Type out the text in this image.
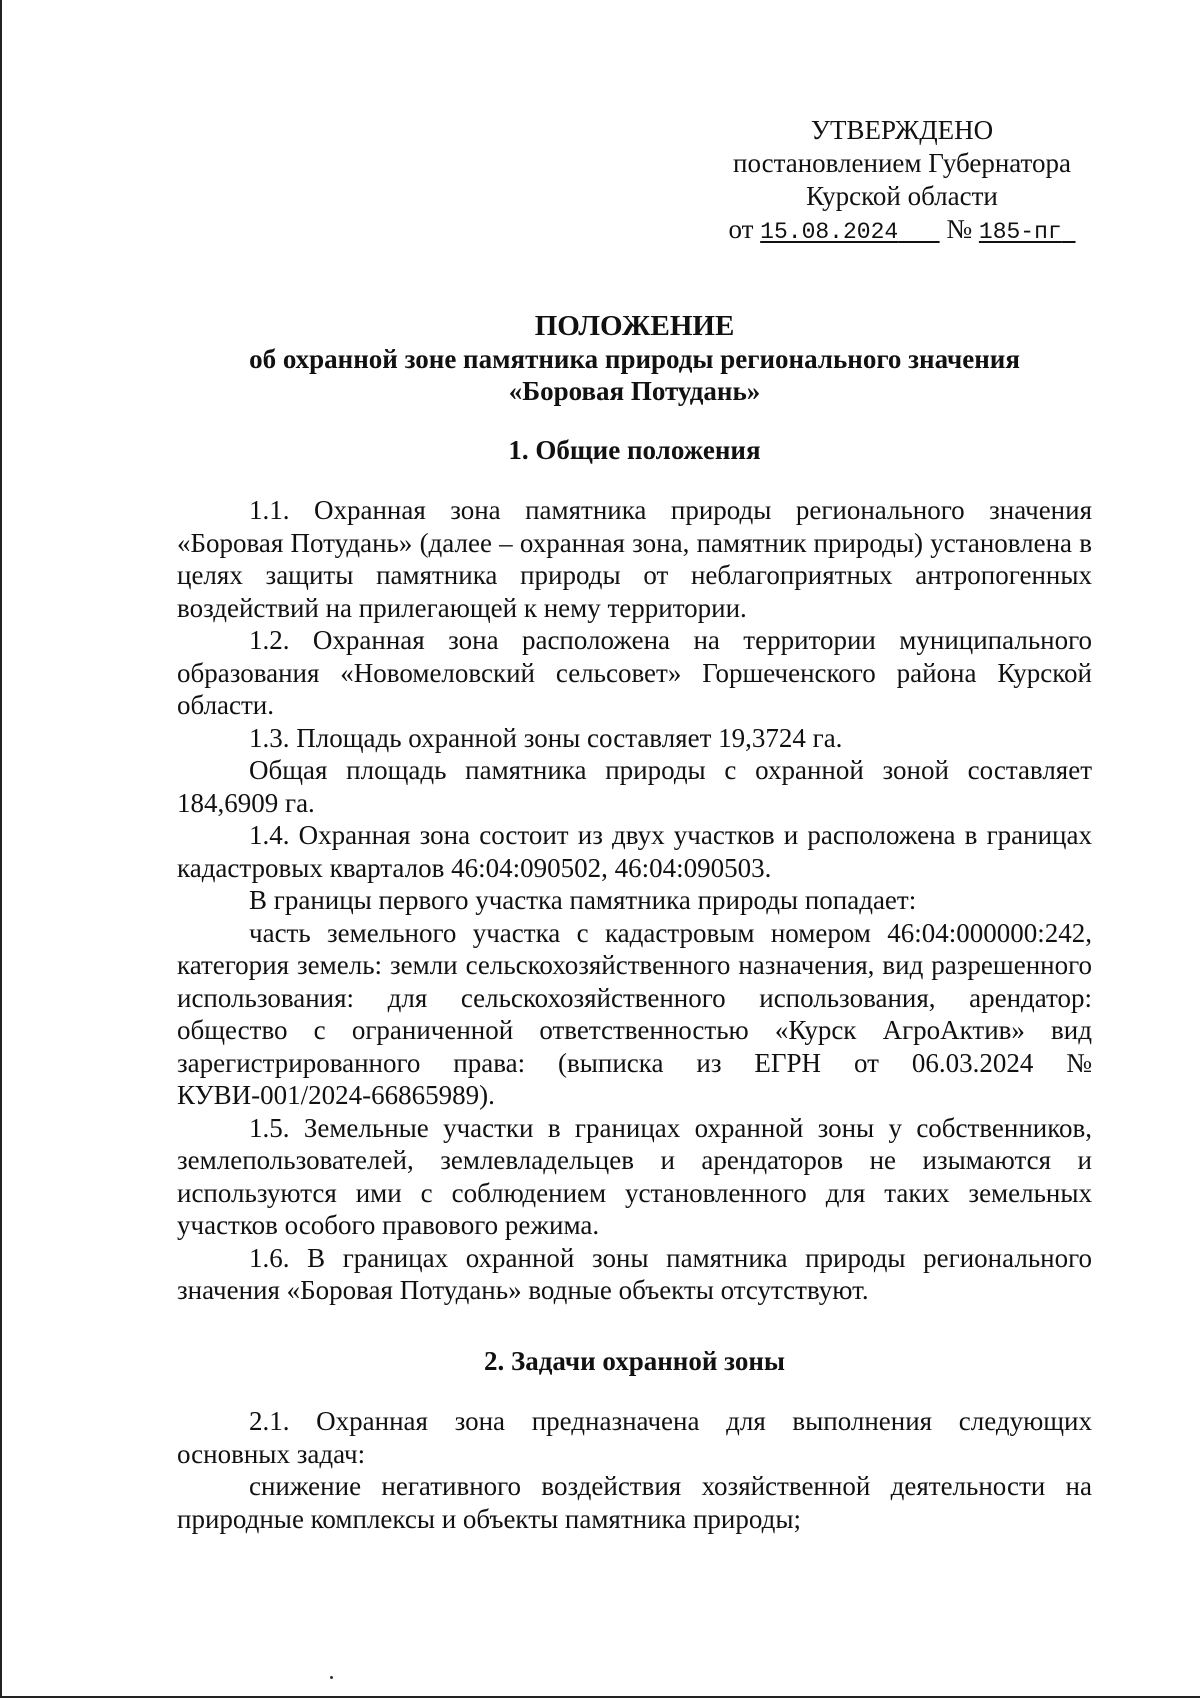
УТВЕРЖДЕНО
постановлением Губернатора
Курской области
от 15.08.2024 № 185-пг
ПОЛОЖЕНИЕ
об охранной зоне памятника природы регионального значения
«Боровая Потудань»
1. Общие положения

1.1. Охранная зона памятника природы регионального значения «Боровая Потудань» (далее – охранная зона, памятник природы) установлена в целях защиты памятника природы от неблагоприятных антропогенных воздействий на прилегающей к нему территории.

1.2. Охранная зона расположена на территории муниципального образования «Новомеловский сельсовет» Горшеченского района Курской области.

1.3. Площадь охранной зоны составляет 19,3724 га.

Общая площадь памятника природы с охранной зоной составляет 184,6909 га.

1.4. Охранная зона состоит из двух участков и расположена в границах кадастровых кварталов 46:04:090502, 46:04:090503.

В границы первого участка памятника природы попадает:

часть земельного участка с кадастровым номером 46:04:000000:242, категория земель: земли сельскохозяйственного назначения, вид разрешенного использования: для сельскохозяйственного использования, арендатор: общество с ограниченной ответственностью «Курск АгроАктив» вид зарегистрированного права: (выписка из ЕГРН от 06.03.2024 № КУВИ-001/2024-66865989).

1.5. Земельные участки в границах охранной зоны у собственников, землепользователей, землевладельцев и арендаторов не изымаются и используются ими с соблюдением установленного для таких земельных участков особого правового режима.

1.6. В границах охранной зоны памятника природы регионального значения «Боровая Потудань» водные объекты отсутствуют.

2. Задачи охранной зоны

2.1. Охранная зона предназначена для выполнения следующих основных задач:

снижение негативного воздействия хозяйственной деятельности на природные комплексы и объекты памятника природы;
